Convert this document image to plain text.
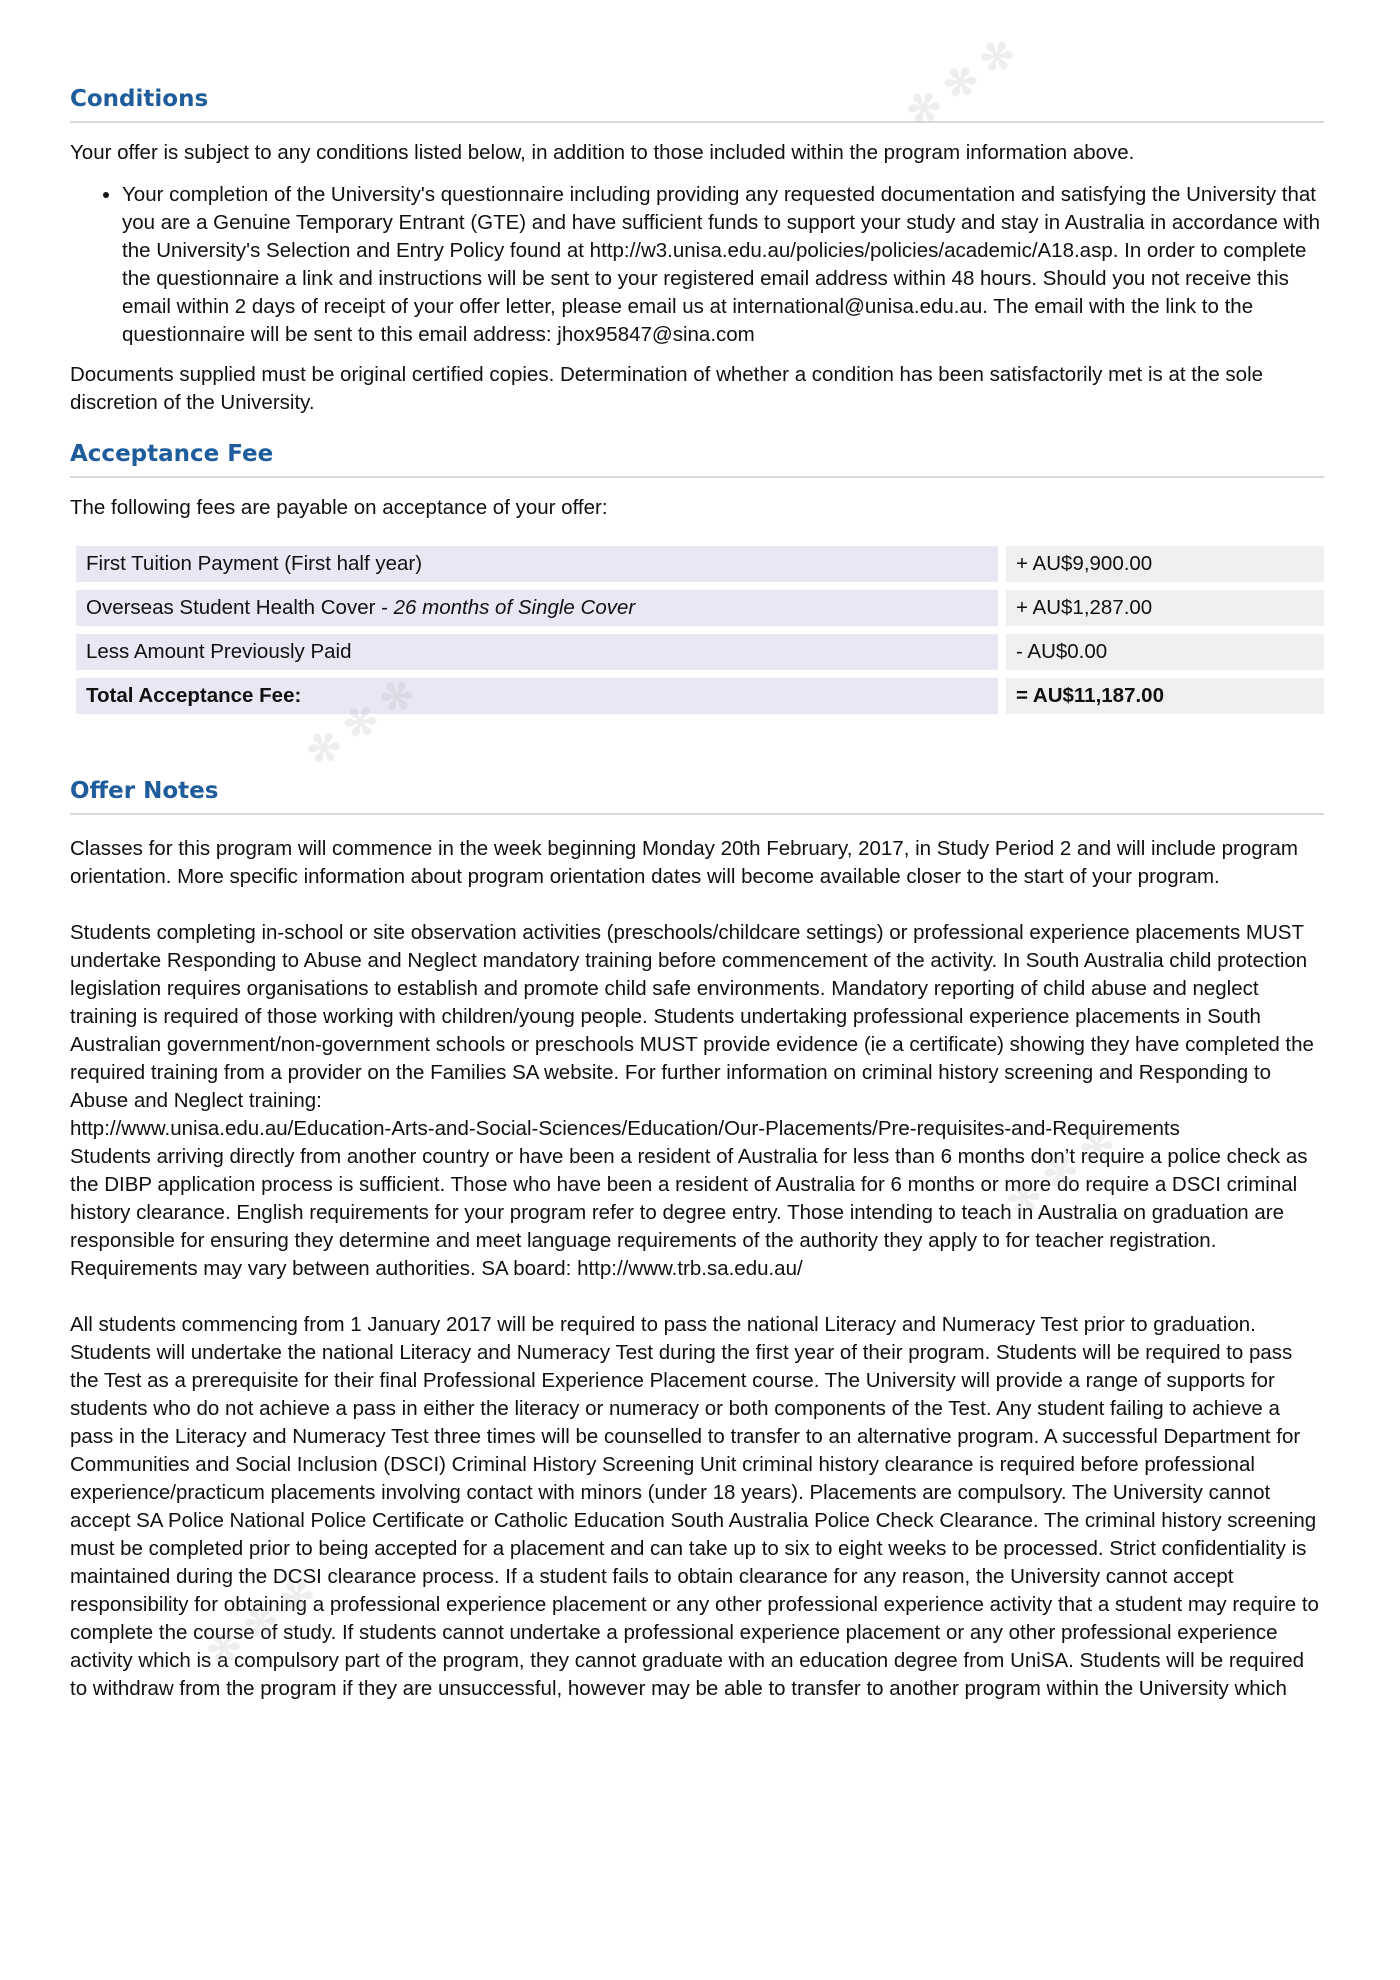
Conditions

Your offer is subject to any conditions listed below, in addition to those included within the program information above.

• Your completion of the University's questionnaire including providing any requested documentation and satisfying the University that you are a Genuine Temporary Entrant (GTE) and have sufficient funds to support your study and stay in Australia in accordance with the University's Selection and Entry Policy found at http://w3.unisa.edu.au/policies/policies/academic/A18.asp. In order to complete the questionnaire a link and instructions will be sent to your registered email address within 48 hours. Should you not receive this email within 2 days of receipt of your offer letter, please email us at international@unisa.edu.au. The email with the link to the questionnaire will be sent to this email address: jhox95847@sina.com

Documents supplied must be original certified copies. Determination of whether a condition has been satisfactorily met is at the sole discretion of the University.

Acceptance Fee

The following fees are payable on acceptance of your offer:

First Tuition Payment (First half year)		+ AU$9,900.00
Overseas Student Health Cover - 26 months of Single Cover		+ AU$1,287.00
Less Amount Previously Paid		- AU$0.00
Total Acceptance Fee:		= AU$11,187.00
Offer Notes

Classes for this program will commence in the week beginning Monday 20th February, 2017, in Study Period 2 and will include program orientation. More specific information about program orientation dates will become available closer to the start of your program.

Students completing in-school or site observation activities (preschools/childcare settings) or professional experience placements MUST undertake Responding to Abuse and Neglect mandatory training before commencement of the activity. In South Australia child protection legislation requires organisations to establish and promote child safe environments. Mandatory reporting of child abuse and neglect training is required of those working with children/young people. Students undertaking professional experience placements in South Australian government/non-government schools or preschools MUST provide evidence (ie a certificate) showing they have completed the required training from a provider on the Families SA website. For further information on criminal history screening and Responding to Abuse and Neglect training:

http://www.unisa.edu.au/Education-Arts-and-Social-Sciences/Education/Our-Placements/Pre-requisites-and-Requirements

Students arriving directly from another country or have been a resident of Australia for less than 6 months don’t require a police check as the DIBP application process is sufficient. Those who have been a resident of Australia for 6 months or more do require a DSCI criminal history clearance. English requirements for your program refer to degree entry. Those intending to teach in Australia on graduation are responsible for ensuring they determine and meet language requirements of the authority they apply to for teacher registration. Requirements may vary between authorities. SA board: http://www.trb.sa.edu.au/

All students commencing from 1 January 2017 will be required to pass the national Literacy and Numeracy Test prior to graduation. Students will undertake the national Literacy and Numeracy Test during the first year of their program. Students will be required to pass the Test as a prerequisite for their final Professional Experience Placement course. The University will provide a range of supports for students who do not achieve a pass in either the literacy or numeracy or both components of the Test. Any student failing to achieve a pass in the Literacy and Numeracy Test three times will be counselled to transfer to an alternative program. A successful Department for Communities and Social Inclusion (DSCI) Criminal History Screening Unit criminal history clearance is required before professional experience/practicum placements involving contact with minors (under 18 years). Placements are compulsory. The University cannot accept SA Police National Police Certificate or Catholic Education South Australia Police Check Clearance. The criminal history screening must be completed prior to being accepted for a placement and can take up to six to eight weeks to be processed. Strict confidentiality is maintained during the DCSI clearance process. If a student fails to obtain clearance for any reason, the University cannot accept responsibility for obtaining a professional experience placement or any other professional experience activity that a student may require to complete the course of study. If students cannot undertake a professional experience placement or any other professional experience activity which is a compulsory part of the program, they cannot graduate with an education degree from UniSA. Students will be required to withdraw from the program if they are unsuccessful, however may be able to transfer to another program within the University which

✻ ✻ ✻
✻ ✻ ✻
✻ ✻ ✻
✻ ✻ ✻
